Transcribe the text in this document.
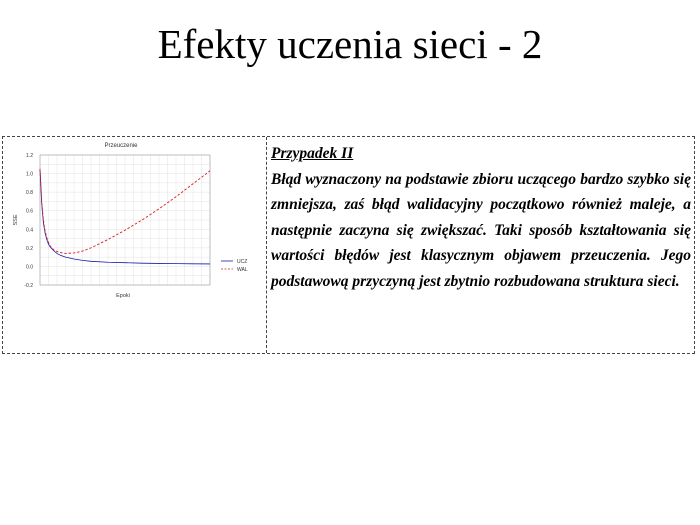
Efekty uczenia sieci - 2
Przeuczenie
-0.2
0.0
0.2
0.4
0.6
0.8
1.0
1.2
SSE
Epoki
UCZ
WAL
Przypadek II
Błąd wyznaczony na podstawie zbioru uczącego bardzo szybko się zmniejsza, zaś błąd walidacyjny początkowo również maleje, a następnie zaczyna się zwiększać. Taki sposób kształtowania się wartości błędów jest klasycznym objawem przeuczenia. Jego podstawową przyczyną jest zbytnio rozbudowana struktura sieci.
